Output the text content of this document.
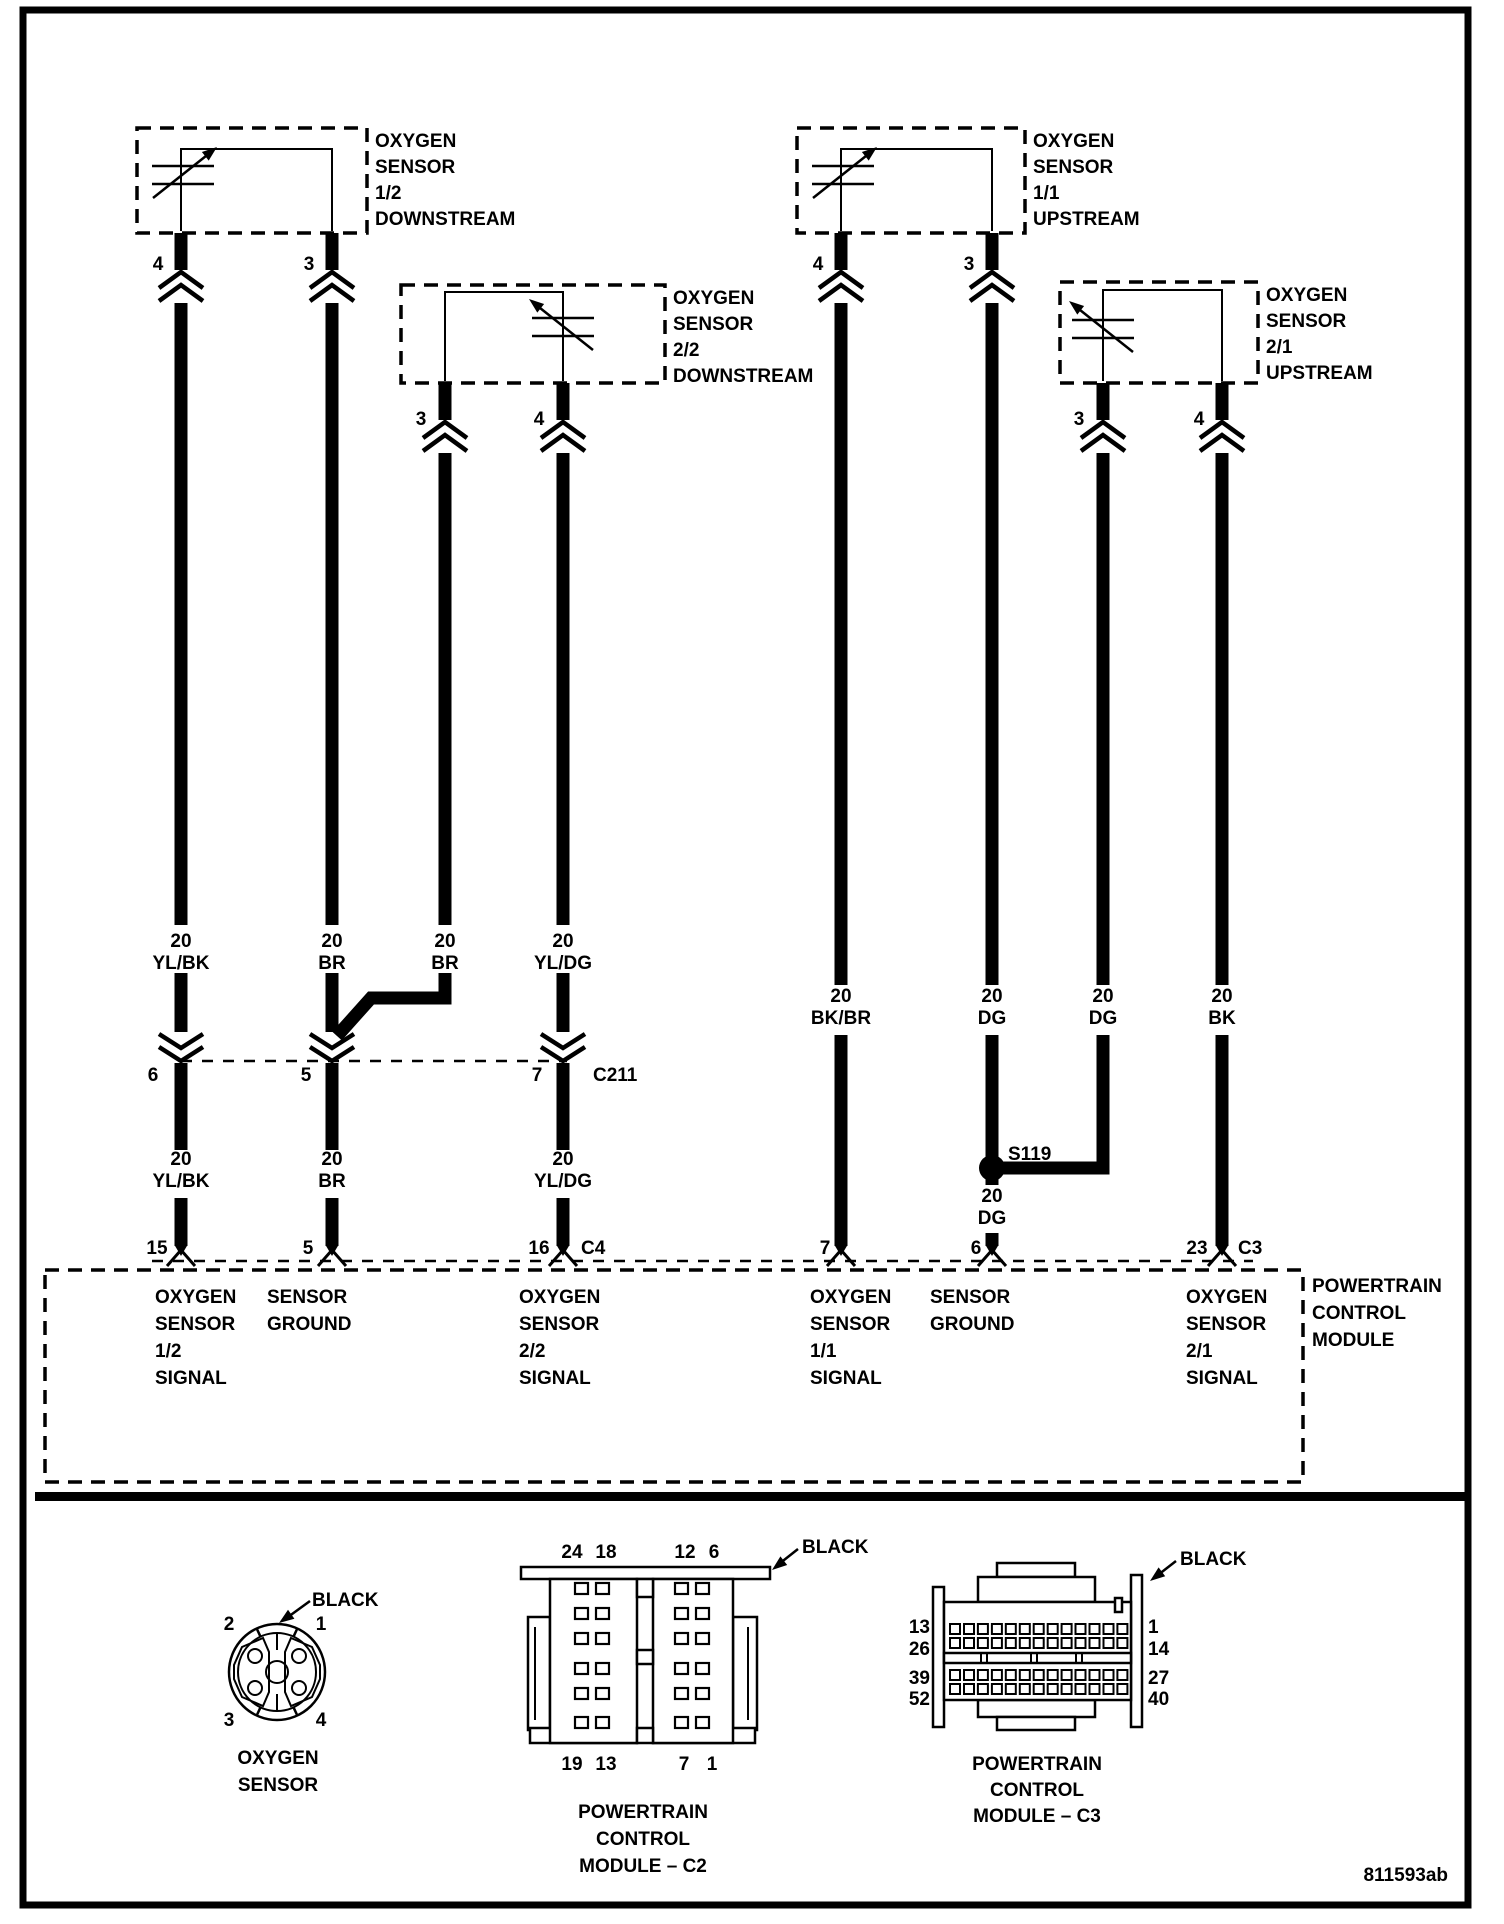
OXYGEN
SENSOR
1/2
DOWNSTREAM
OXYGEN
SENSOR
2/2
DOWNSTREAM
OXYGEN
SENSOR
1/1
UPSTREAM
OXYGEN
SENSOR
2/1
UPSTREAM
4	3
3	4
4	3
3	4
20
YL/BK
20
BR
20
BR
20
YL/DG
20
BK/BR
20
DG
20
DG
20
BK
20
YL/BK
20
BR
20
YL/DG
20
DG
6	5	7	C211
S119
15	5	16 C4	7	6	23 C3
OXYGEN
SENSOR
1/2
SIGNAL
SENSOR
GROUND
OXYGEN
SENSOR
2/2
SIGNAL
OXYGEN
SENSOR
1/1
SIGNAL
SENSOR
GROUND
OXYGEN
SENSOR
2/1
SIGNAL
POWERTRAIN
CONTROL
MODULE
BLACK
2	1
3	4
OXYGEN
SENSOR
24 18	12 6
19 13	7 1
BLACK
POWERTRAIN
CONTROL
MODULE – C2
13
26
39
52
1
14
27
40
BLACK
POWERTRAIN
CONTROL
MODULE – C3
811593ab
